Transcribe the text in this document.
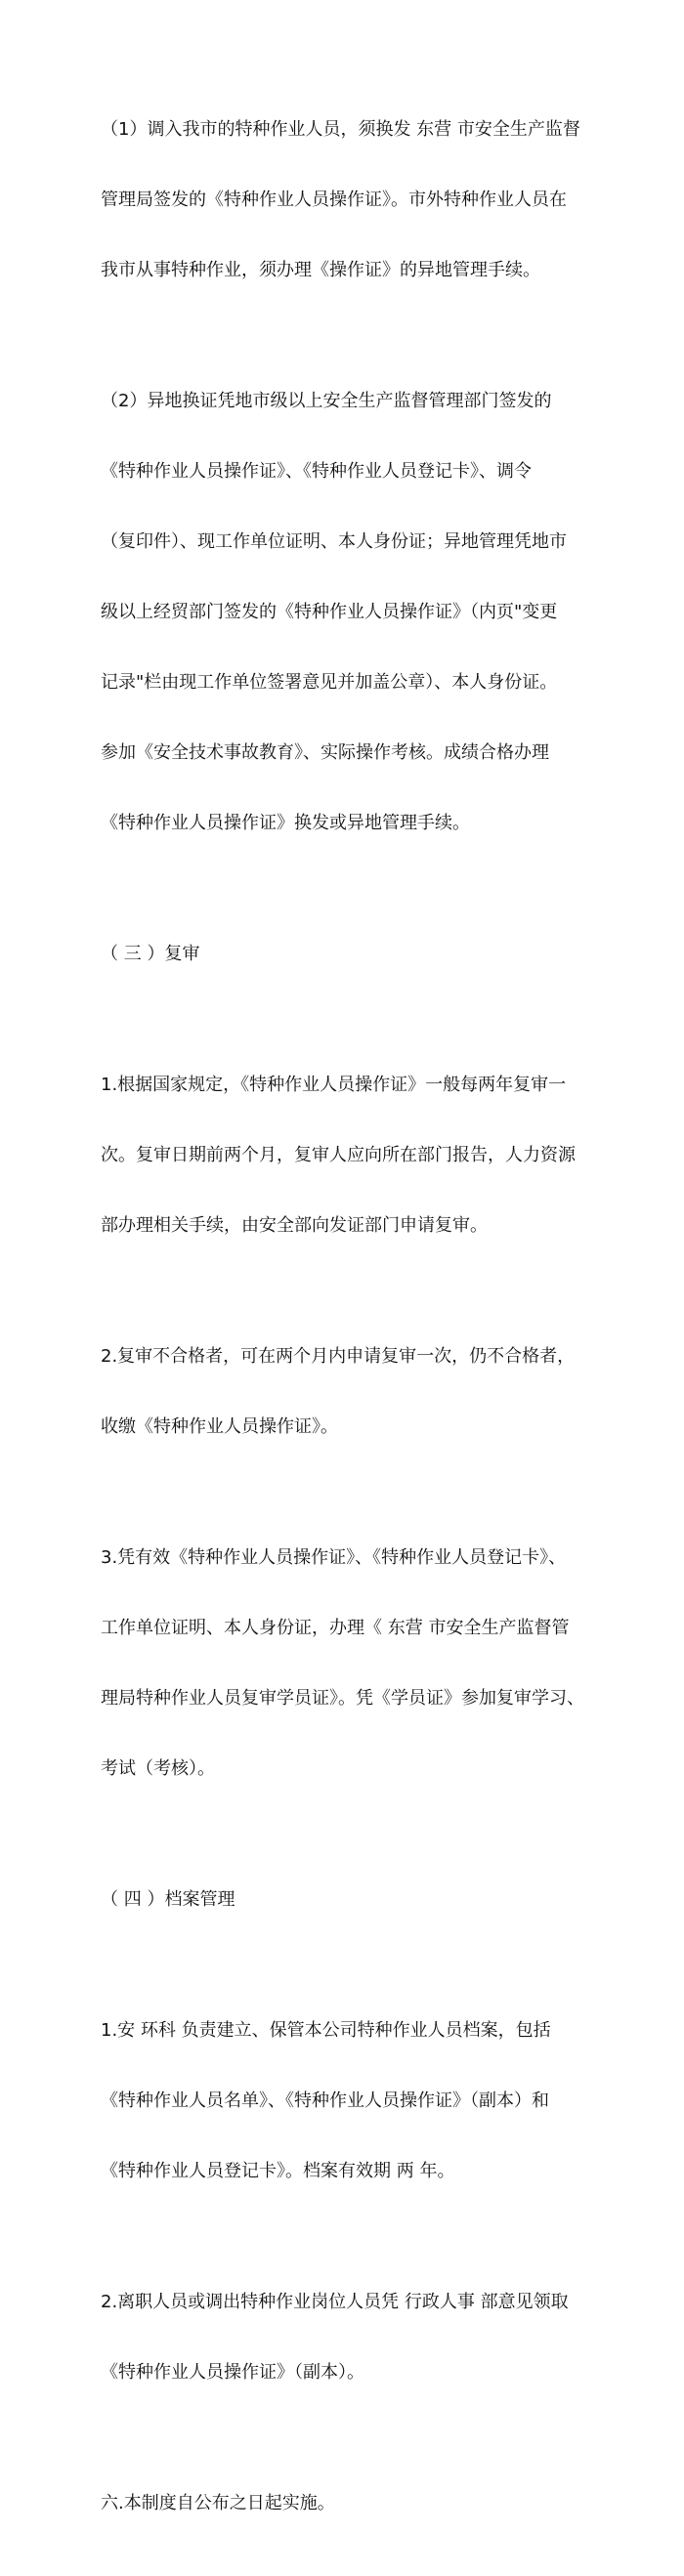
（1）调入我市的特种作业人员，须换发 东营 市安全生产监督

管理局签发的《特种作业人员操作证》。市外特种作业人员在

我市从事特种作业，须办理《操作证》的异地管理手续。

（2）异地换证凭地市级以上安全生产监督管理部门签发的

《特种作业人员操作证》、《特种作业人员登记卡》、调令

（复印件）、现工作单位证明、本人身份证；异地管理凭地市

级以上经贸部门签发的《特种作业人员操作证》（内页"变更

记录"栏由现工作单位签署意见并加盖公章）、本人身份证。

参加《安全技术事故教育》、实际操作考核。成绩合格办理

《特种作业人员操作证》换发或异地管理手续。

（ 三 ）复审

1.根据国家规定，《特种作业人员操作证》一般每两年复审一

次。复审日期前两个月，复审人应向所在部门报告，人力资源

部办理相关手续，由安全部向发证部门申请复审。

2.复审不合格者，可在两个月内申请复审一次，仍不合格者，

收缴《特种作业人员操作证》。

3.凭有效《特种作业人员操作证》、《特种作业人员登记卡》、

工作单位证明、本人身份证，办理《 东营 市安全生产监督管

理局特种作业人员复审学员证》。凭《学员证》参加复审学习、

考试（考核）。

（ 四 ）档案管理

1.安 环科 负责建立、保管本公司特种作业人员档案，包括

《特种作业人员名单》、《特种作业人员操作证》（副本）和

《特种作业人员登记卡》。档案有效期 两 年。

2.离职人员或调出特种作业岗位人员凭 行政人事 部意见领取

《特种作业人员操作证》（副本）。

六.本制度自公布之日起实施。
